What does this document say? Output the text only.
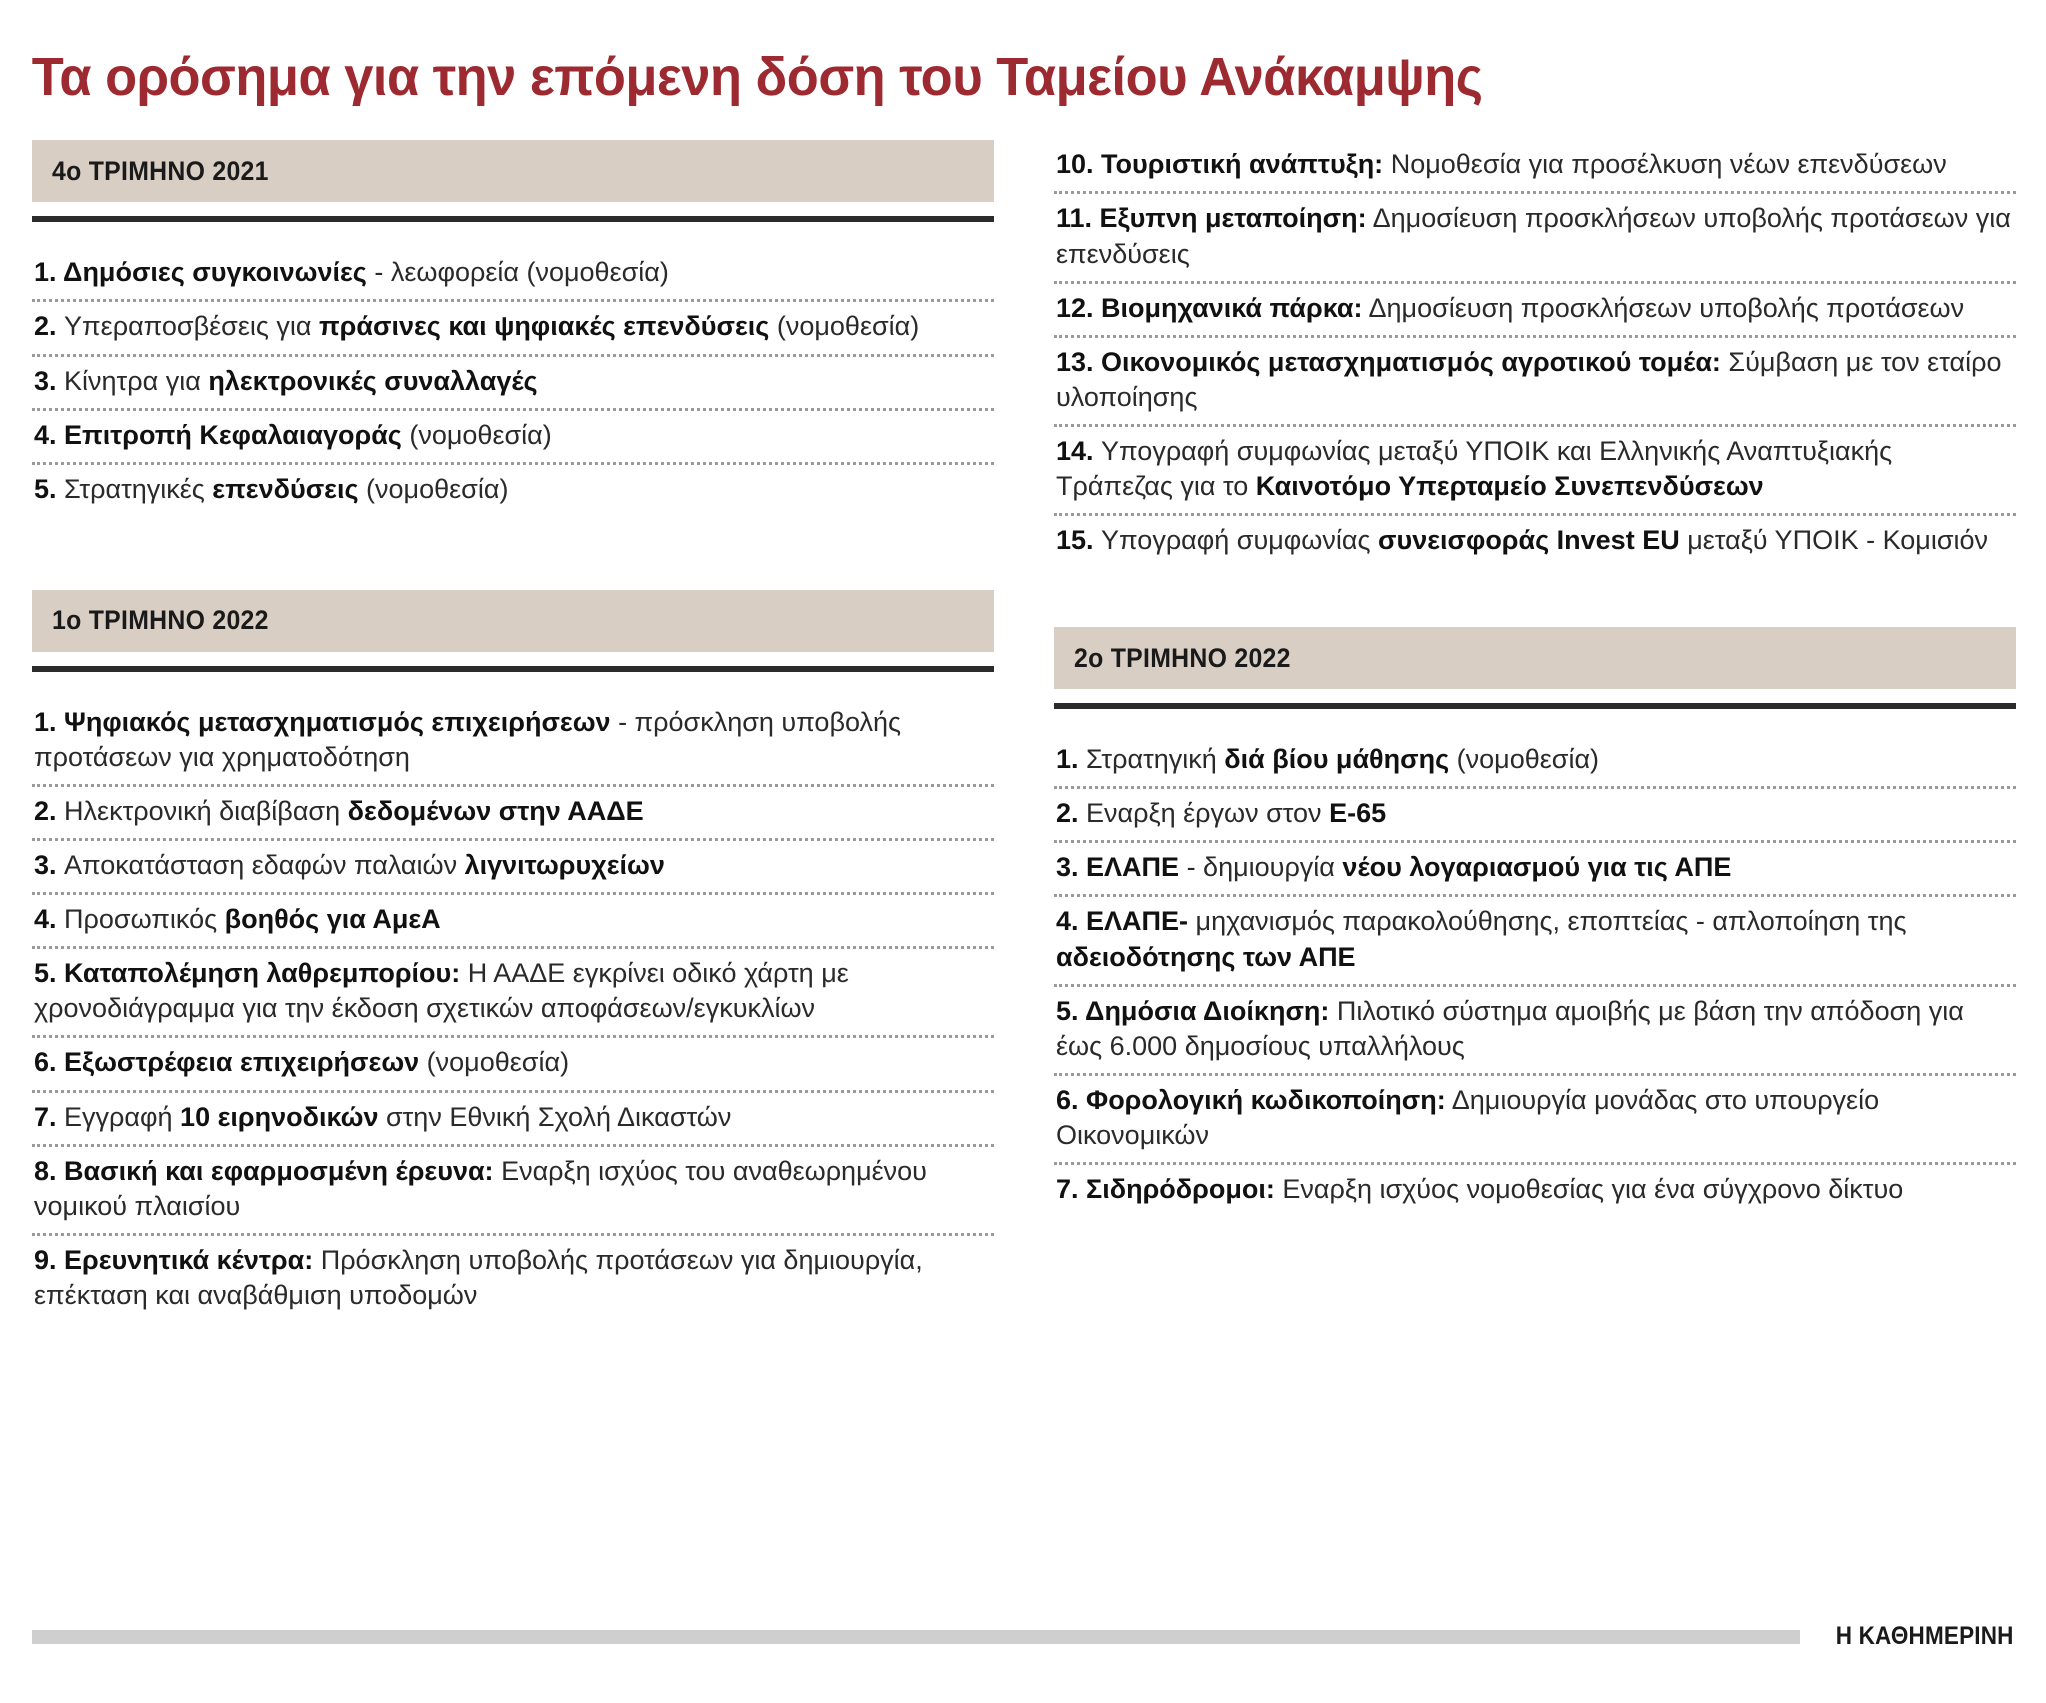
Τα ορόσημα για την επόμενη δόση του Ταμείου Ανάκαμψης
4ο ΤΡΙΜΗΝΟ 2021
1. Δημόσιες συγκοινωνίες - λεωφορεία (νομοθεσία)
2. Υπεραποσβέσεις για πράσινες και ψηφιακές επενδύσεις (νομοθεσία)
3. Κίνητρα για ηλεκτρονικές συναλλαγές
4. Επιτροπή Κεφαλαιαγοράς (νομοθεσία)
5. Στρατηγικές επενδύσεις (νομοθεσία)
1ο ΤΡΙΜΗΝΟ 2022
1. Ψηφιακός μετασχηματισμός επιχειρήσεων - πρόσκληση υποβολής προτάσεων για χρηματοδότηση
2. Ηλεκτρονική διαβίβαση δεδομένων στην ΑΑΔΕ
3. Αποκατάσταση εδαφών παλαιών λιγνιτωρυχείων
4. Προσωπικός βοηθός για ΑμεΑ
5. Καταπολέμηση λαθρεμπορίου: Η ΑΑΔΕ εγκρίνει οδικό χάρτη με χρονοδιάγραμμα για την έκδοση σχετικών αποφάσεων/εγκυκλίων
6. Εξωστρέφεια επιχειρήσεων (νομοθεσία)
7. Εγγραφή 10 ειρηνοδικών στην Εθνική Σχολή Δικαστών
8. Βασική και εφαρμοσμένη έρευνα: Εναρξη ισχύος του αναθεωρημένου νομικού πλαισίου
9. Ερευνητικά κέντρα: Πρόσκληση υποβολής προτάσεων για δημιουργία, επέκταση και αναβάθμιση υποδομών
10. Τουριστική ανάπτυξη: Νομοθεσία για προσέλκυση νέων επενδύσεων
11. Εξυπνη μεταποίηση: Δημοσίευση προσκλήσεων υποβολής προτάσεων για επενδύσεις
12. Βιομηχανικά πάρκα: Δημοσίευση προσκλήσεων υποβολής προτάσεων
13. Οικονομικός μετασχηματισμός αγροτικού τομέα: Σύμβαση με τον εταίρο υλοποίησης
14. Υπογραφή συμφωνίας μεταξύ ΥΠΟΙΚ και Ελληνικής Αναπτυξιακής Τράπεζας για το Καινοτόμο Υπερταμείο Συνεπενδύσεων
15. Υπογραφή συμφωνίας συνεισφοράς Invest EU μεταξύ ΥΠΟΙΚ - Κομισιόν
2ο ΤΡΙΜΗΝΟ 2022
1. Στρατηγική διά βίου μάθησης (νομοθεσία)
2. Εναρξη έργων στον Ε-65
3. ΕΛΑΠΕ - δημιουργία νέου λογαριασμού για τις ΑΠΕ
4. ΕΛΑΠΕ- μηχανισμός παρακολούθησης, εποπτείας - απλοποίηση της αδειοδότησης των ΑΠΕ
5. Δημόσια Διοίκηση: Πιλοτικό σύστημα αμοιβής με βάση την απόδοση για έως 6.000 δημοσίους υπαλλήλους
6. Φορολογική κωδικοποίηση: Δημιουργία μονάδας στο υπουργείο Οικονομικών
7. Σιδηρόδρομοι: Εναρξη ισχύος νομοθεσίας για ένα σύγχρονο δίκτυο
Η ΚΑΘΗΜΕΡΙΝΗ
